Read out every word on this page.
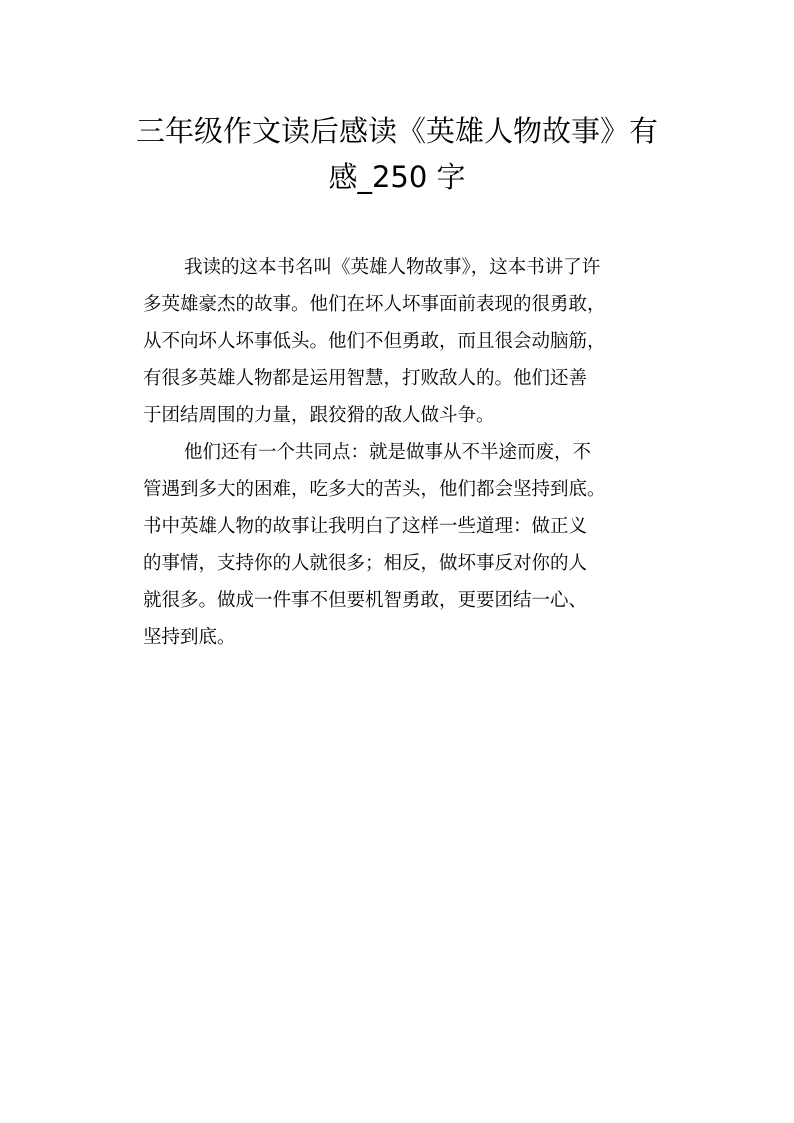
三年级作文读后感读《英雄人物故事》有
感_250 字
我读的这本书名叫《英雄人物故事》，这本书讲了许
多英雄豪杰的故事。他们在坏人坏事面前表现的很勇敢，
从不向坏人坏事低头。他们不但勇敢，而且很会动脑筋，
有很多英雄人物都是运用智慧，打败敌人的。他们还善
于团结周围的力量，跟狡猾的敌人做斗争。
他们还有一个共同点：就是做事从不半途而废，不
管遇到多大的困难，吃多大的苦头，他们都会坚持到底。
书中英雄人物的故事让我明白了这样一些道理：做正义
的事情，支持你的人就很多；相反，做坏事反对你的人
就很多。做成一件事不但要机智勇敢，更要团结一心、
坚持到底。
